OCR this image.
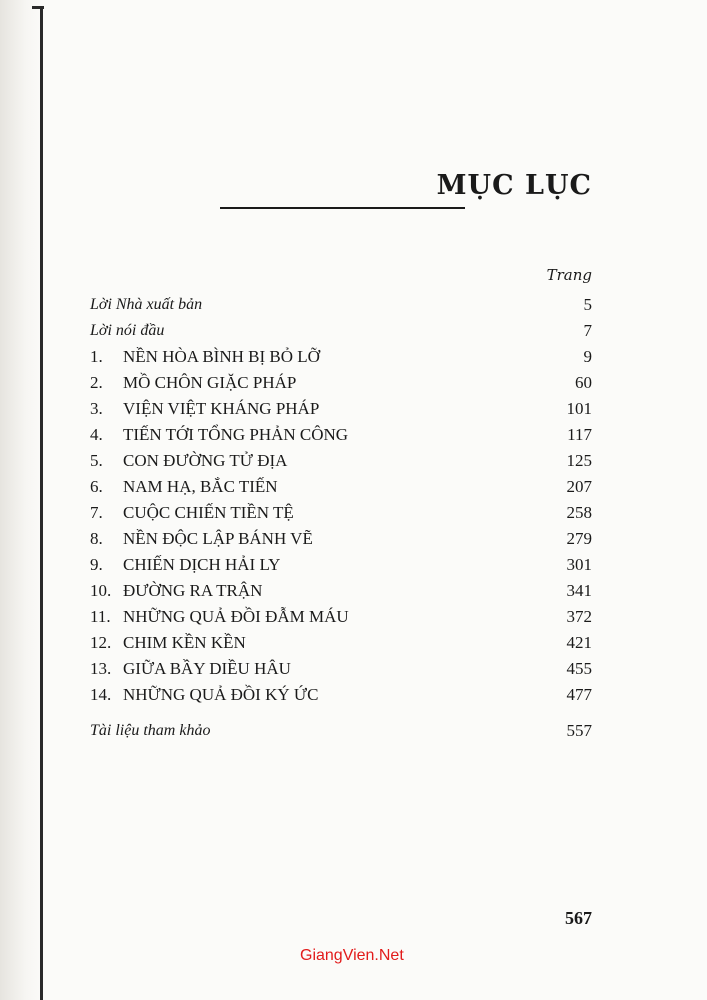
MỤC LỤC
Trang
Lời Nhà xuất bản	5
Lời nói đầu	7
1. NỀN HÒA BÌNH BỊ BỎ LỠ	9
2. MỒ CHÔN GIẶC PHÁP	60
3. VIỆN VIỆT KHÁNG PHÁP	101
4. TIẾN TỚI TỔNG PHẢN CÔNG	117
5. CON ĐƯỜNG TỬ ĐỊA	125
6. NAM HẠ, BẮC TIẾN	207
7. CUỘC CHIẾN TIỀN TỆ	258
8. NỀN ĐỘC LẬP BÁNH VẼ	279
9. CHIẾN DỊCH HẢI LY	301
10. ĐƯỜNG RA TRẬN	341
11. NHỮNG QUẢ ĐỒI ĐẪM MÁU	372
12. CHIM KỀN KỀN	421
13. GIỮA BẦY DIỀU HÂU	455
14. NHỮNG QUẢ ĐỒI KÝ ỨC	477
Tài liệu tham khảo	557
567
GiangVien.Net
